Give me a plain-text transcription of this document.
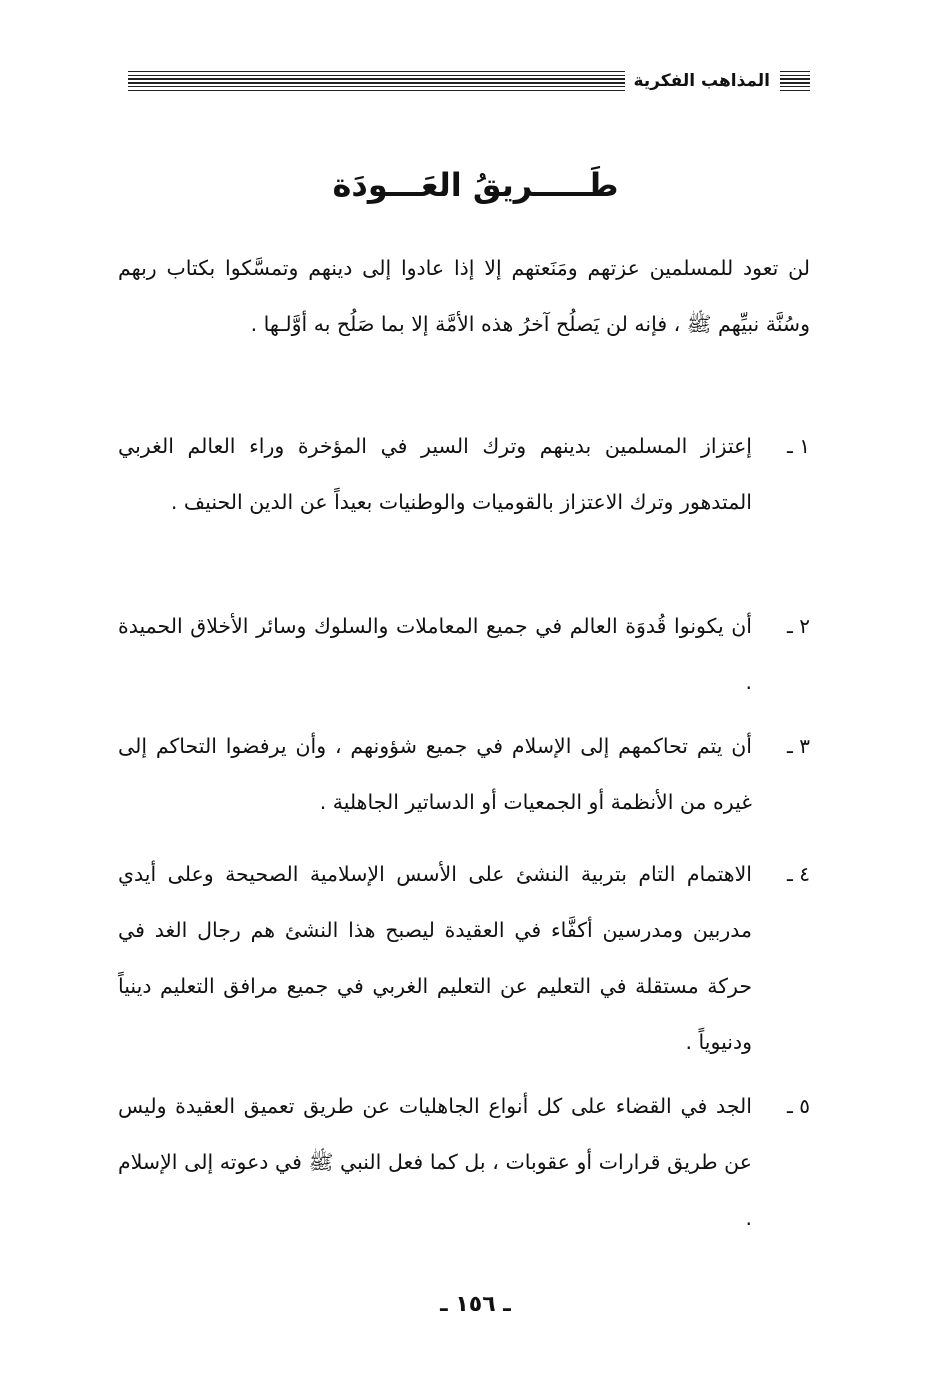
المذاهب الفكرية
طَـــــريقُ العَـــودَة

لن تعود للمسلمين عزتهم ومَنَعتهم إلا إذا عادوا إلى دينهم وتمسَّكوا بكتاب ربهم وسُنَّة نبيِّهم ﷺ ، فإنه لن يَصلُح آخرُ هذه الأمَّة إلا بما صَلُح به أوَّلـها .

١ ـ
إعتزاز المسلمين بدينهم وترك السير في المؤخرة وراء العالم الغربي المتدهور وترك الاعتزاز بالقوميات والوطنيات بعيداً عن الدين الحنيف .
٢ ـ
أن يكونوا قُدوَة العالم في جميع المعاملات والسلوك وسائر الأخلاق الحميدة .
٣ ـ
أن يتم تحاكمهم إلى الإسلام في جميع شؤونهم ، وأن يرفضوا التحاكم إلى غيره من الأنظمة أو الجمعيات أو الدساتير الجاهلية .
٤ ـ
الاهتمام التام بتربية النشئ على الأسس الإسلامية الصحيحة وعلى أيدي مدربين ومدرسين أكفَّاء في العقيدة ليصبح هذا النشئ هم رجال الغد في حركة مستقلة في التعليم عن التعليم الغربي في جميع مرافق التعليم دينياً ودنيوياً .
٥ ـ
الجد في القضاء على كل أنواع الجاهليات عن طريق تعميق العقيدة وليس عن طريق قرارات أو عقوبات ، بل كما فعل النبي ﷺ في دعوته إلى الإسلام .
ـ ١٥٦ ـ
